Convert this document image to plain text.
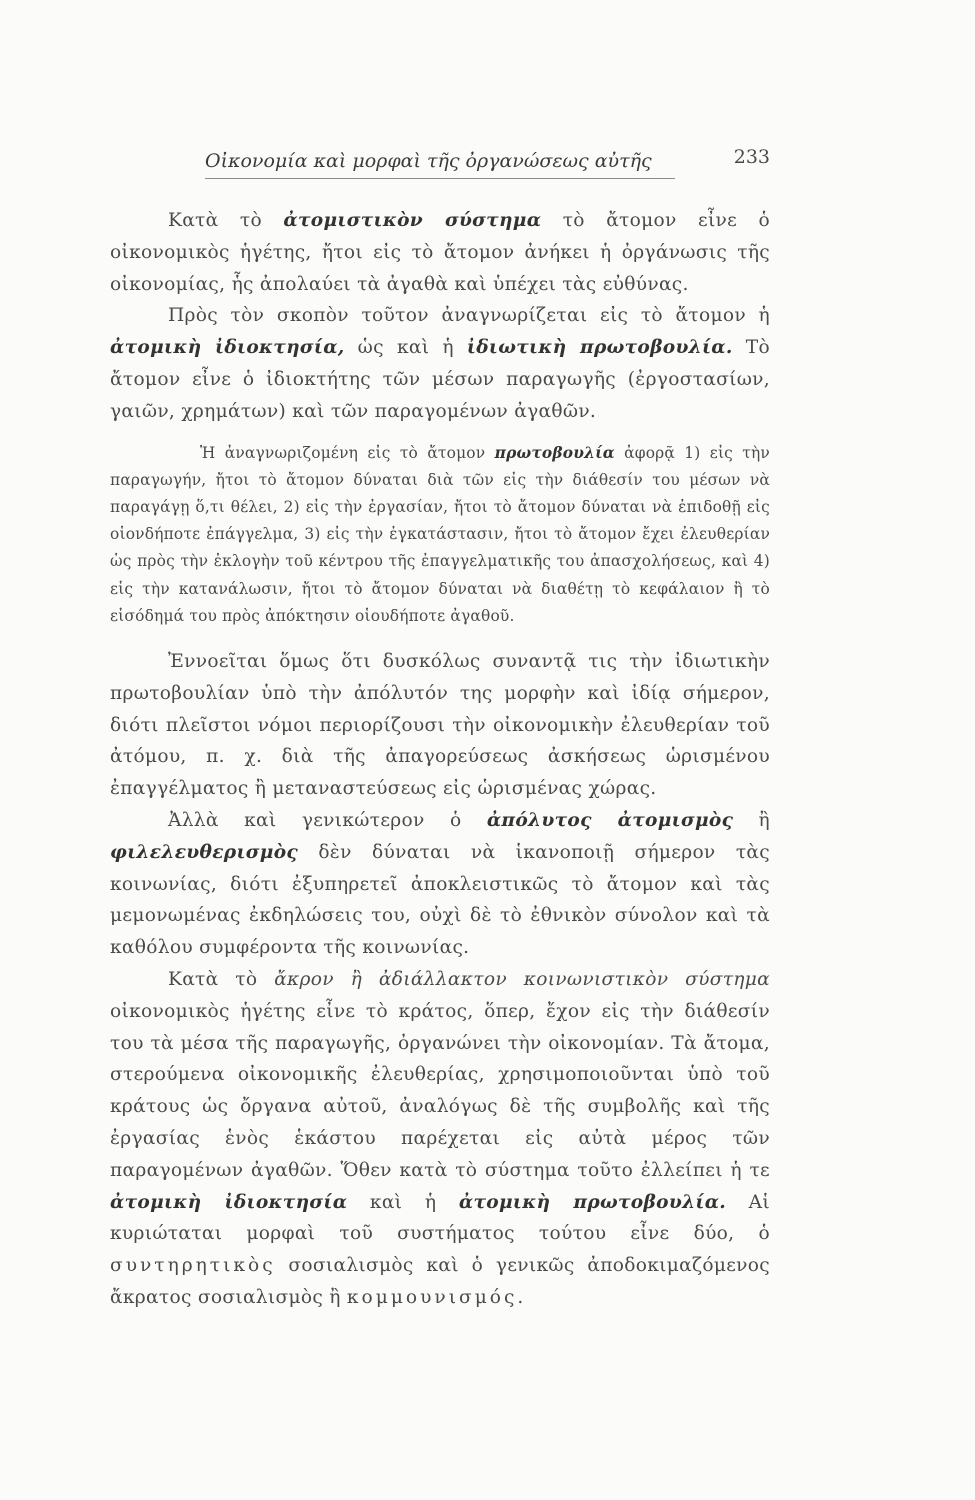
Οἰκονομία καὶ μορφαὶ τῆς ὀργανώσεως αὐτῆς	233

Κατὰ τὸ ἀτομιστικὸν σύστημα τὸ ἄτομον εἶνε ὁ οἰκονομικὸς ἡγέτης, ἤτοι εἰς τὸ ἄτομον ἀνήκει ἡ ὀργάνωσις τῆς οἰκονομίας, ἧς ἀπολαύει τὰ ἀγαθὰ καὶ ὑπέχει τὰς εὐθύνας.

Πρὸς τὸν σκοπὸν τοῦτον ἀναγνωρίζεται εἰς τὸ ἄτομον ἡ ἀτομικὴ ἰδιοκτησία, ὡς καὶ ἡ ἰδιωτικὴ πρωτοβουλία. Τὸ ἄτομον εἶνε ὁ ἰδιοκτήτης τῶν μέσων παραγωγῆς (ἐργοστασίων, γαιῶν, χρημάτων) καὶ τῶν παραγομένων ἀγαθῶν.

Ἡ ἀναγνωριζομένη εἰς τὸ ἄτομον πρωτοβουλία ἀφορᾷ 1) εἰς τὴν παραγωγήν, ἤτοι τὸ ἄτομον δύναται διὰ τῶν εἰς τὴν διάθεσίν του μέσων νὰ παραγάγῃ ὅ,τι θέλει, 2) εἰς τὴν ἐργασίαν, ἤτοι τὸ ἄτομον δύναται νὰ ἐπιδοθῇ εἰς οἱονδήποτε ἐπάγγελμα, 3) εἰς τὴν ἐγκατάστασιν, ἤτοι τὸ ἄτομον ἔχει ἐλευθερίαν ὡς πρὸς τὴν ἐκλογὴν τοῦ κέντρου τῆς ἐπαγγελματικῆς του ἀπασχολήσεως, καὶ 4) εἰς τὴν κατανάλωσιν, ἤτοι τὸ ἄτομον δύναται νὰ διαθέτῃ τὸ κεφάλαιον ἢ τὸ εἰσόδημά του πρὸς ἀπόκτησιν οἱουδήποτε ἀγαθοῦ.

Ἐννοεῖται ὅμως ὅτι δυσκόλως συναντᾷ τις τὴν ἰδιωτικὴν πρωτοβουλίαν ὑπὸ τὴν ἀπόλυτόν της μορφὴν καὶ ἰδίᾳ σήμερον, διότι πλεῖστοι νόμοι περιορίζουσι τὴν οἰκονομικὴν ἐλευθερίαν τοῦ ἀτόμου, π. χ. διὰ τῆς ἀπαγορεύσεως ἀσκήσεως ὡρισμένου ἐπαγγέλματος ἢ μεταναστεύσεως εἰς ὡρισμένας χώρας.

Ἀλλὰ καὶ γενικώτερον ὁ ἀπόλυτος ἀτομισμὸς ἢ φιλελευθερισμὸς δὲν δύναται νὰ ἱκανοποιῇ σήμερον τὰς κοινωνίας, διότι ἐξυπηρετεῖ ἀποκλειστικῶς τὸ ἄτομον καὶ τὰς μεμονωμένας ἐκδηλώσεις του, οὐχὶ δὲ τὸ ἐθνικὸν σύνολον καὶ τὰ καθόλου συμφέροντα τῆς κοινωνίας.

Κατὰ τὸ ἄκρον ἢ ἀδιάλλακτον κοινωνιστικὸν σύστημα οἰκονομικὸς ἡγέτης εἶνε τὸ κράτος, ὅπερ, ἔχον εἰς τὴν διάθεσίν του τὰ μέσα τῆς παραγωγῆς, ὀργανώνει τὴν οἰκονομίαν. Τὰ ἄτομα, στερούμενα οἰκονομικῆς ἐλευθερίας, χρησιμοποιοῦνται ὑπὸ τοῦ κράτους ὡς ὄργανα αὐτοῦ, ἀναλόγως δὲ τῆς συμβολῆς καὶ τῆς ἐργασίας ἑνὸς ἑκάστου παρέχεται εἰς αὐτὰ μέρος τῶν παραγομένων ἀγαθῶν. Ὅθεν κατὰ τὸ σύστημα τοῦτο ἐλλείπει ἡ τε ἀτομικὴ ἰδιοκτησία καὶ ἡ ἀτομικὴ πρωτοβουλία. Αἱ κυριώταται μορφαὶ τοῦ συστήματος τούτου εἶνε δύο, ὁ συντηρητικὸς σοσιαλισμὸς καὶ ὁ γενικῶς ἀποδοκιμαζόμενος ἄκρατος σοσιαλισμὸς ἢ κομμουνισμός.
